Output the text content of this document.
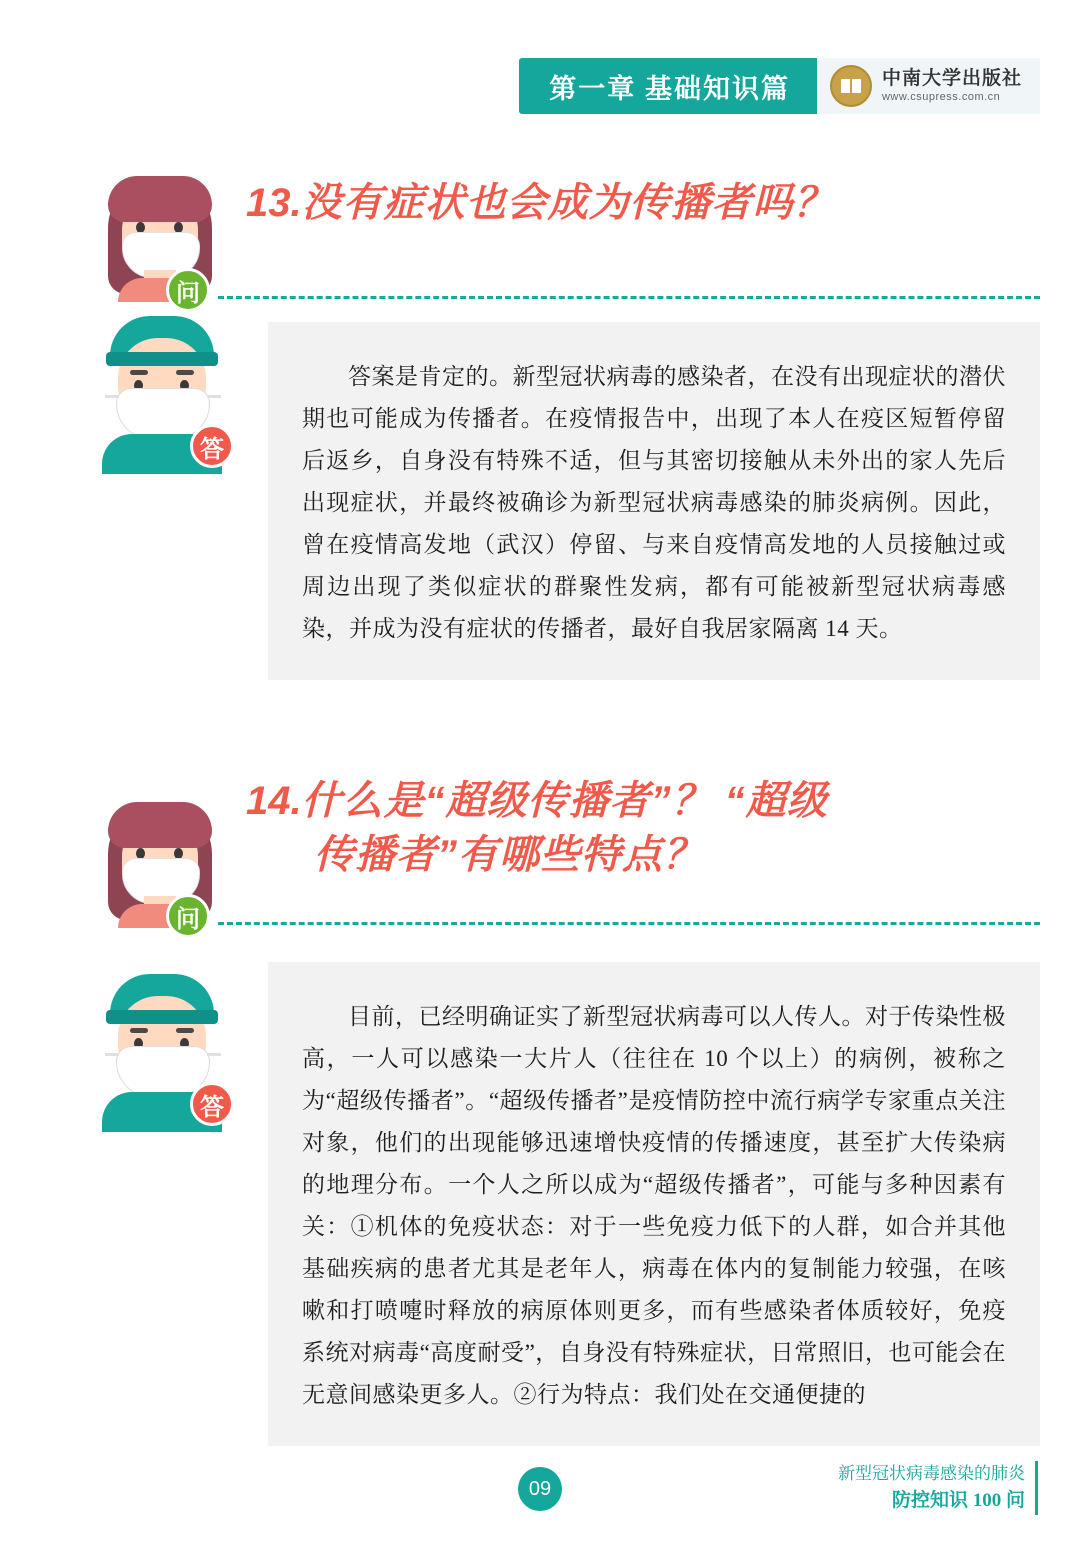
第一章 基础知识篇	中南大学出版社
www.csupress.com.cn
问
13.没有症状也会成为传播者吗？
答

答案是肯定的。新型冠状病毒的感染者，在没有出现症状的潜伏期也可能成为传播者。在疫情报告中，出现了本人在疫区短暂停留后返乡，自身没有特殊不适，但与其密切接触从未外出的家人先后出现症状，并最终被确诊为新型冠状病毒感染的肺炎病例。因此，曾在疫情高发地（武汉）停留、与来自疫情高发地的人员接触过或周边出现了类似症状的群聚性发病，都有可能被新型冠状病毒感染，并成为没有症状的传播者，最好自我居家隔离 14 天。

问
14.什么是“超级传播者”？ “超级
传播者”有哪些特点？
答

目前，已经明确证实了新型冠状病毒可以人传人。对于传染性极高，一人可以感染一大片人（往往在 10 个以上）的病例，被称之为“超级传播者”。“超级传播者”是疫情防控中流行病学专家重点关注对象，他们的出现能够迅速增快疫情的传播速度，甚至扩大传染病的地理分布。一个人之所以成为“超级传播者”，可能与多种因素有关：①机体的免疫状态：对于一些免疫力低下的人群，如合并其他基础疾病的患者尤其是老年人，病毒在体内的复制能力较强，在咳嗽和打喷嚏时释放的病原体则更多，而有些感染者体质较好，免疫系统对病毒“高度耐受”，自身没有特殊症状，日常照旧，也可能会在无意间感染更多人。②行为特点：我们处在交通便捷的

09
新型冠状病毒感染的肺炎
防控知识 100 问
